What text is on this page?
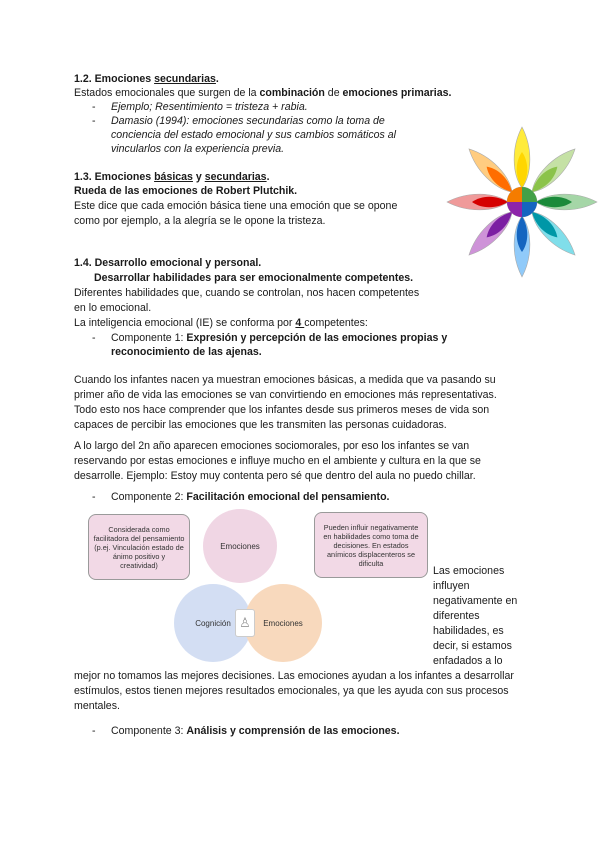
1.2. Emociones secundarias.
Estados emocionales que surgen de la combinación de emociones primarias.
- Ejemplo; Resentimiento = tristeza + rabia.
- Damasio (1994): emociones secundarias como la toma de
conciencia del estado emocional y sus cambios somáticos al
vincularlos con la experiencia previa.
1.3. Emociones básicas y secundarias.
Rueda de las emociones de Robert Plutchik.
Este dice que cada emoción básica tiene una emoción que se opone
como por ejemplo, a la alegría se le opone la tristeza.
1.4. Desarrollo emocional y personal.
Desarrollar habilidades para ser emocionalmente competentes.
Diferentes habilidades que, cuando se controlan, nos hacen competentes
en lo emocional.
La inteligencia emocional (IE) se conforma por 4 competentes:
- Componente 1: Expresión y percepción de las emociones propias y
reconocimiento de las ajenas.
Cuando los infantes nacen ya muestran emociones básicas, a medida que va pasando su
primer año de vida las emociones se van convirtiendo en emociones más representativas.
Todo esto nos hace comprender que los infantes desde sus primeros meses de vida son
capaces de percibir las emociones que les transmiten las personas cuidadoras.
A lo largo del 2n año aparecen emociones sociomorales, por eso los infantes se van
reservando por estas emociones e influye mucho en el ambiente y cultura en la que se
desarrolle. Ejemplo: Estoy muy contenta pero sé que dentro del aula no puedo chillar.
- Componente 2: Facilitación emocional del pensamiento.
Considerada como facilitadora del pensamiento (p.ej. Vinculación estado de ánimo positivo y creatividad)
Emociones
Pueden influir negativamente en habilidades como toma de decisiones. En estados anímicos displacenteros se dificulta
Cognición	Emociones
♙
Las emociones
influyen
negativamente en
diferentes
habilidades, es
decir, si estamos
enfadados a lo
mejor no tomamos las mejores decisiones. Las emociones ayudan a los infantes a desarrollar
estímulos, estos tienen mejores resultados emocionales, ya que les ayuda con sus procesos
mentales.
- Componente 3: Análisis y comprensión de las emociones.
